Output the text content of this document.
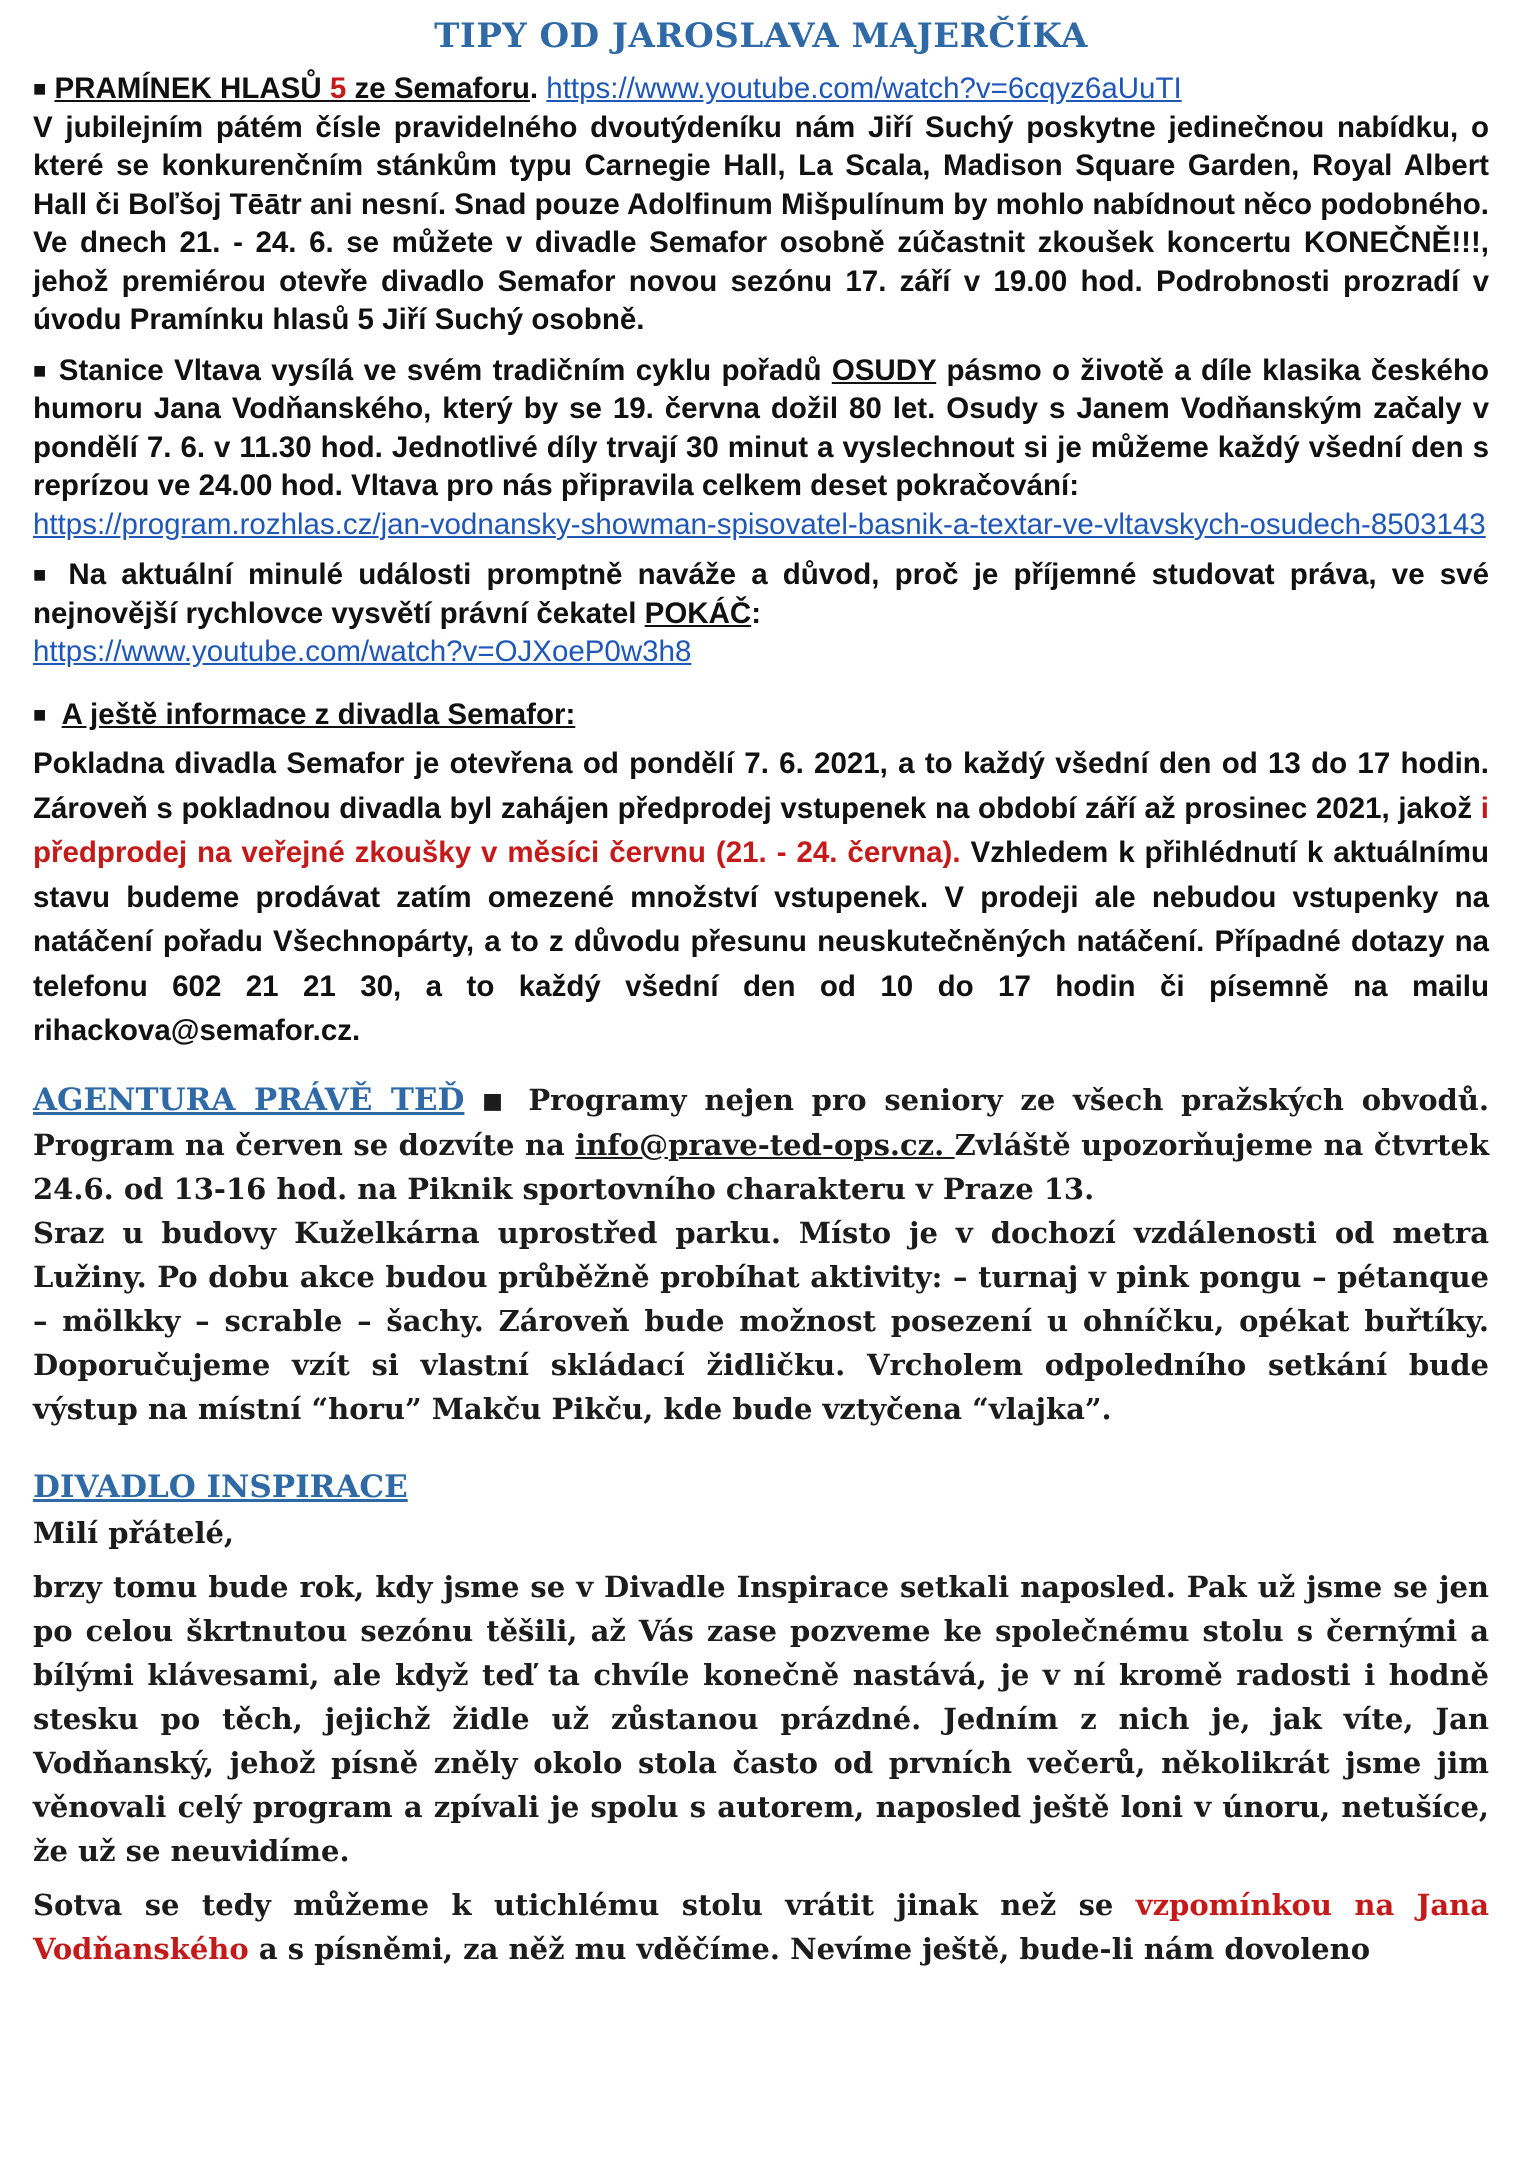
TIPY OD JAROSLAVA MAJERČÍKA
■ PRAMÍNEK HLASŮ 5 ze Semaforu. https://www.youtube.com/watch?v=6cqyz6aUuTI
V jubilejním pátém čísle pravidelného dvoutýdeníku nám Jiří Suchý poskytne jedinečnou nabídku, o které se konkurenčním stánkům typu Carnegie Hall, La Scala, Madison Square Garden, Royal Albert Hall či Boľšoj Tēātr ani nesní. Snad pouze Adolfinum Mišpulínum by mohlo nabídnout něco podobného. Ve dnech 21. - 24. 6. se můžete v divadle Semafor osobně zúčastnit zkoušek koncertu KONEČNĚ!!!, jehož premiérou otevře divadlo Semafor novou sezónu 17. září v 19.00 hod. Podrobnosti prozradí v úvodu Pramínku hlasů 5 Jiří Suchý osobně.
■ Stanice Vltava vysílá ve svém tradičním cyklu pořadů OSUDY pásmo o životě a díle klasika českého humoru Jana Vodňanského, který by se 19. června dožil 80 let. Osudy s Janem Vodňanským začaly v pondělí 7. 6. v 11.30 hod. Jednotlivé díly trvají 30 minut a vyslechnout si je můžeme každý všední den s reprízou ve 24.00 hod. Vltava pro nás připravila celkem deset pokračování:
https://program.rozhlas.cz/jan-vodnansky-showman-spisovatel-basnik-a-textar-ve-vltavskych-osudech-8503143
■ Na aktuální minulé události promptně naváže a důvod, proč je příjemné studovat práva, ve své nejnovější rychlovce vysvětí právní čekatel POKÁČ:
https://www.youtube.com/watch?v=OJXoeP0w3h8
■ A ještě informace z divadla Semafor:
Pokladna divadla Semafor je otevřena od pondělí 7. 6. 2021, a to každý všední den od 13 do 17 hodin. Zároveň s pokladnou divadla byl zahájen předprodej vstupenek na období září až prosinec 2021, jakož i předprodej na veřejné zkoušky v měsíci červnu (21. - 24. června). Vzhledem k přihlédnutí k aktuálnímu stavu budeme prodávat zatím omezené množství vstupenek. V prodeji ale nebudou vstupenky na natáčení pořadu Všechnopárty, a to z důvodu přesunu neuskutečněných natáčení. Případné dotazy na telefonu 602 21 21 30, a to každý všední den od 10 do 17 hodin či písemně na mailu rihackova@semafor.cz.
AGENTURA PRÁVĚ TEĎ ■ Programy nejen pro seniory ze všech pražských obvodů. Program na červen se dozvíte na info@prave-ted-ops.cz. Zvláště upozorňujeme na čtvrtek 24.6. od 13-16 hod. na Piknik sportovního charakteru v Praze 13.
Sraz u budovy Kuželkárna uprostřed parku. Místo je v dochozí vzdálenosti od metra Lužiny. Po dobu akce budou průběžně probíhat aktivity: – turnaj v pink pongu – pétanque – mölkky – scrable – šachy. Zároveň bude možnost posezení u ohníčku, opékat buřtíky. Doporučujeme vzít si vlastní skládací židličku. Vrcholem odpoledního setkání bude výstup na místní “horu” Makču Pikču, kde bude vztyčena “vlajka”.
DIVADLO INSPIRACE
Milí přátelé,
brzy tomu bude rok, kdy jsme se v Divadle Inspirace setkali naposled. Pak už jsme se jen po celou škrtnutou sezónu těšili, až Vás zase pozveme ke společnému stolu s černými a bílými klávesami, ale když teď ta chvíle konečně nastává, je v ní kromě radosti i hodně stesku po těch, jejichž židle už zůstanou prázdné. Jedním z nich je, jak víte, Jan Vodňanský, jehož písně zněly okolo stola často od prvních večerů, několikrát jsme jim věnovali celý program a zpívali je spolu s autorem, naposled ještě loni v únoru, netušíce, že už se neuvidíme.
Sotva se tedy můžeme k utichlému stolu vrátit jinak než se vzpomínkou na Jana Vodňanského a s písněmi, za něž mu vděčíme. Nevíme ještě, bude-li nám dovoleno
